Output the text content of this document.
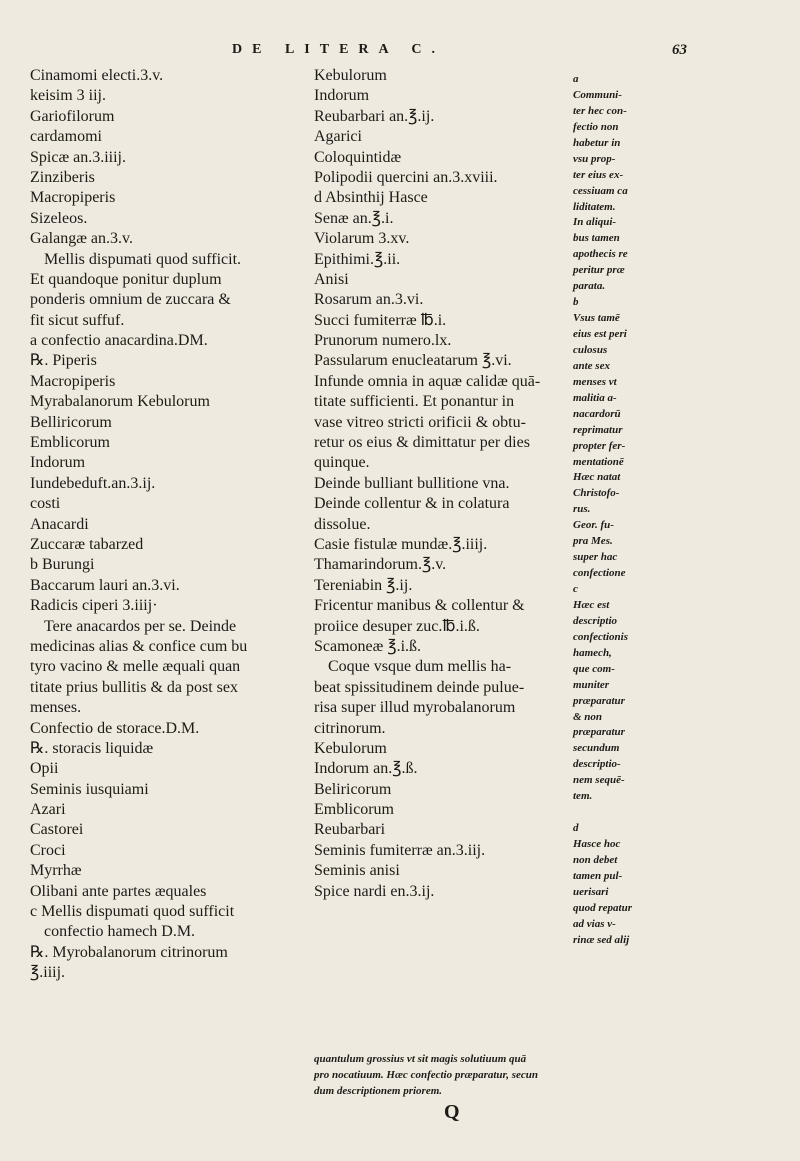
DE LITERA C.	63
Cinamomi electi.3.v.
keisim 3 iij.
Gariofilorum
cardamomi
Spicæ an.3.iiij.
Zinziberis
Macropiperis
Sizeleos.
Galangæ an.3.v.
Mellis dispumati quod sufficit.
Et quandoque ponitur duplum
ponderis omnium de zuccara &
fit sicut suffuf.
a confectio anacardina.DM.
℞. Piperis
Macropiperis
Myrabalanorum Kebulorum
Belliricorum
Emblicorum
Indorum
Iundebeduft.an.3.ij.
costi
Anacardi
Zuccaræ tabarzed
b Burungi
Baccarum lauri an.3.vi.
Radicis ciperi 3.iiij·
Tere anacardos per se. Deinde
medicinas alias & confice cum bu
tyro vacino & melle æquali quan
titate prius bullitis & da post sex
menses.
Confectio de storace.D.M.
℞. storacis liquidæ
Opii
Seminis iusquiami
Azari
Castorei
Croci
Myrrhæ
Olibani ante partes æquales
c Mellis dispumati quod sufficit
confectio hamech D.M.
℞. Myrobalanorum citrinorum
℥.iiij.
Kebulorum
Indorum
Reubarbari an.℥.ij.
Agarici
Coloquintidæ
Polipodii quercini an.3.xviii.
d Absinthij Hasce
Senæ an.℥.i.
Violarum 3.xv.
Epithimi.℥.ii.
Anisi
Rosarum an.3.vi.
Succi fumiterræ ℔.i.
Prunorum numero.lx.
Passularum enucleatarum ℥.vi.
Infunde omnia in aquæ calidæ quā-
titate sufficienti. Et ponantur in
vase vitreo stricti orificii & obtu-
retur os eius & dimittatur per dies
quinque.
Deinde bulliant bullitione vna.
Deinde collentur & in colatura
dissolue.
Casie fistulæ mundæ.℥.iiij.
Thamarindorum.℥.v.
Tereniabin ℥.ij.
Fricentur manibus & collentur &
proiice desuper zuc.℔.i.ß.
Scamoneæ ℥.i.ß.
Coque vsque dum mellis ha-
beat spissitudinem deinde pulue-
risa super illud myrobalanorum
citrinorum.
Kebulorum
Indorum an.℥.ß.
Beliricorum
Emblicorum
Reubarbari
Seminis fumiterræ an.3.iij.
Seminis anisi
Spice nardi en.3.ij.
a
Communi-
ter hec con-
fectio non
habetur in
vsu prop-
ter eius ex-
cessiuam ca
liditatem.
In aliqui-
bus tamen
apothecis re
peritur præ
parata.
b
Vsus tamē
eius est peri
culosus
ante sex
menses vt
malitia a-
nacardorū
reprimatur
propter fer-
mentationē
Hæc natat
Christofo-
rus.
Geor. fu-
pra Mes.
super hac
confectione
c
Hæc est
descriptio
confectionis
hamech,
que com-
muniter
præparatur
& non
præparatur
secundum
descriptio-
nem sequē-
tem.
d
Hasce hoc
non debet
tamen pul-
uerisari
quod repatur
ad vias v-
rinæ sed alij
quantulum grossius vt sit magis solutiuum quā
pro nocatiuum. Hæc confectio præparatur, secun
dum descriptionem priorem.
Q
